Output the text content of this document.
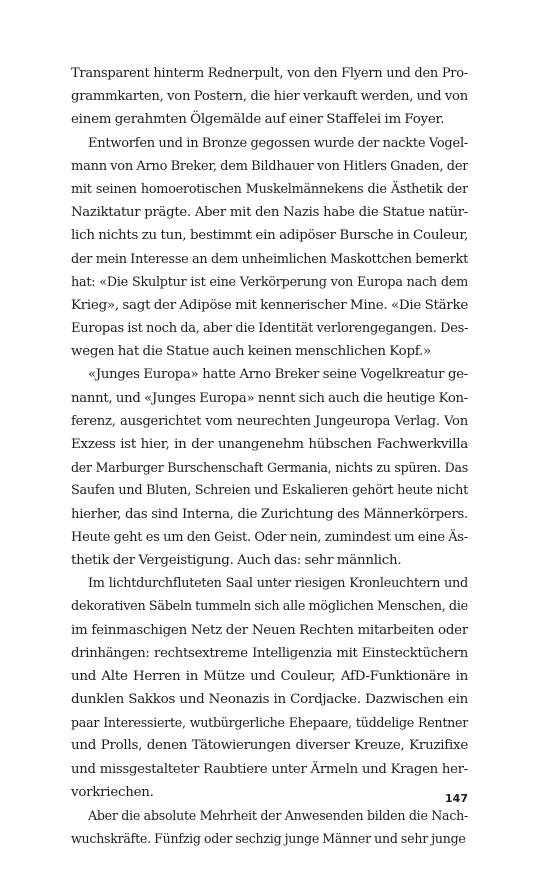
Transparent hinterm Rednerpult, von den Flyern und den Pro-
grammkarten, von Postern, die hier verkauft werden, und von
einem gerahmten Ölgemälde auf einer Staffelei im Foyer.
Entworfen und in Bronze gegossen wurde der nackte Vogel-
mann von Arno Breker, dem Bildhauer von Hitlers Gnaden, der
mit seinen homoerotischen Muskelmännekens die Ästhetik der
Naziktatur prägte. Aber mit den Nazis habe die Statue natür-
lich nichts zu tun, bestimmt ein adipöser Bursche in Couleur,
der mein Interesse an dem unheimlichen Maskottchen bemerkt
hat: «Die Skulptur ist eine Verkörperung von Europa nach dem
Krieg», sagt der Adipöse mit kennerischer Mine. «Die Stärke
Europas ist noch da, aber die Identität verlorengegangen. Des-
wegen hat die Statue auch keinen menschlichen Kopf.»
«Junges Europa» hatte Arno Breker seine Vogelkreatur ge-
nannt, und «Junges Europa» nennt sich auch die heutige Kon-
ferenz, ausgerichtet vom neurechten Jungeuropa Verlag. Von
Exzess ist hier, in der unangenehm hübschen Fachwerkvilla
der Marburger Burschenschaft Germania, nichts zu spüren. Das
Saufen und Bluten, Schreien und Eskalieren gehört heute nicht
hierher, das sind Interna, die Zurichtung des Männerkörpers.
Heute geht es um den Geist. Oder nein, zumindest um eine Äs-
thetik der Vergeistigung. Auch das: sehr männlich.
Im lichtdurchfluteten Saal unter riesigen Kronleuchtern und
dekorativen Säbeln tummeln sich alle möglichen Menschen, die
im feinmaschigen Netz der Neuen Rechten mitarbeiten oder
drinhängen: rechtsextreme Intelligenzia mit Einstecktüchern
und Alte Herren in Mütze und Couleur, AfD-Funktionäre in
dunklen Sakkos und Neonazis in Cordjacke. Dazwischen ein
paar Interessierte, wutbürgerliche Ehepaare, tüddelige Rentner
und Prolls, denen Tätowierungen diverser Kreuze, Kruzifixe
und missgestalteter Raubtiere unter Ärmeln und Kragen her-
vorkriechen.
Aber die absolute Mehrheit der Anwesenden bilden die Nach-
wuchskräfte. Fünfzig oder sechzig junge Männer und sehr junge
147
